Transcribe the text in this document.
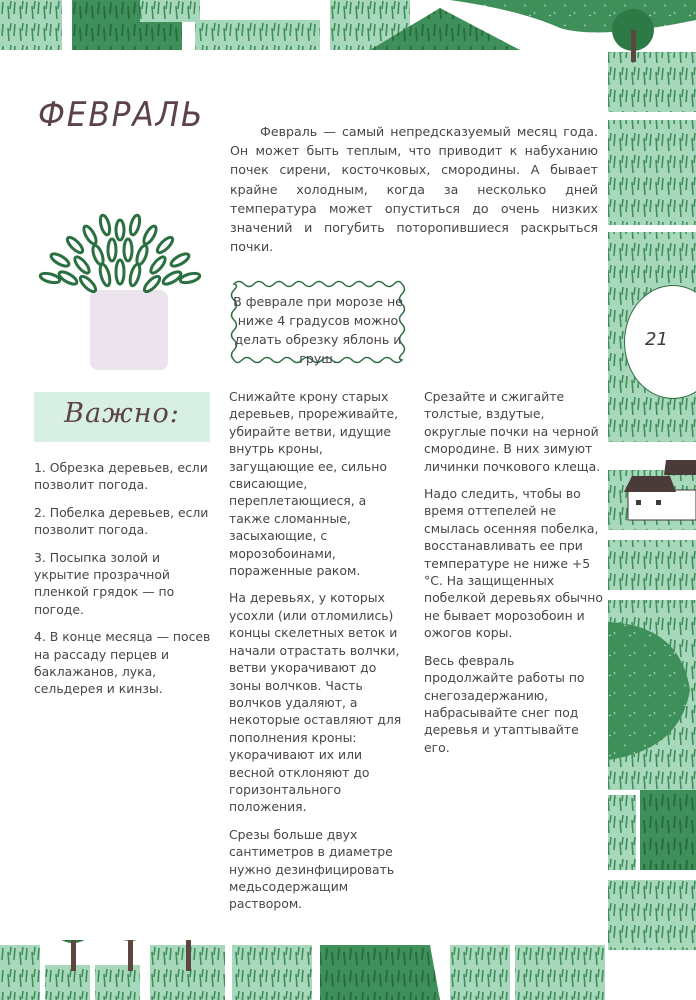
ФЕВРАЛЬ	Февраль — самый непредсказуемый месяц года. Он может быть теплым, что приводит к набуханию почек сирени, косточковых, смородины. А бывает крайне холодным, когда за несколько дней температура может опуститься до очень низких значений и погубить поторопившиеся раскрыться почки.

В феврале при морозе не ниже 4 градусов можно делать обрезку яблонь и груш.
Важно:

1. Обрезка деревьев, если позволит погода.

2. Побелка деревьев, если позволит погода.

3. Посыпка золой и укрытие прозрачной пленкой грядок — по погоде.

4. В конце месяца — посев на рассаду перцев и баклажанов, лука, сельдерея и кинзы.

Снижайте крону старых деревьев, прореживайте, убирайте ветви, идущие внутрь кроны, загущающие ее, сильно свисающие, переплетающиеся, а также сломанные, засыхающие, с морозобоинами, пораженные раком.

На деревьях, у которых усохли (или отломились) концы скелетных веток и начали отрастать волчки, ветви укорачивают до зоны волчков. Часть волчков удаляют, а некоторые оставляют для пополнения кроны: укорачивают их или весной отклоняют до горизонтального положения.

Срезы больше двух сантиметров в диаметре нужно дезинфицировать медьсодержащим раствором.

Срезайте и сжигайте толстые, вздутые, округлые почки на черной смородине. В них зимуют личинки почкового клеща.

Надо следить, чтобы во время оттепелей не смылась осенняя побелка, восстанавливать ее при температуре не ниже +5 °С. На защищенных побелкой деревьях обычно не бывает морозобоин и ожогов коры.

Весь февраль продолжайте работы по снегозадержанию, набрасывайте снег под деревья и утаптывайте его.

21
